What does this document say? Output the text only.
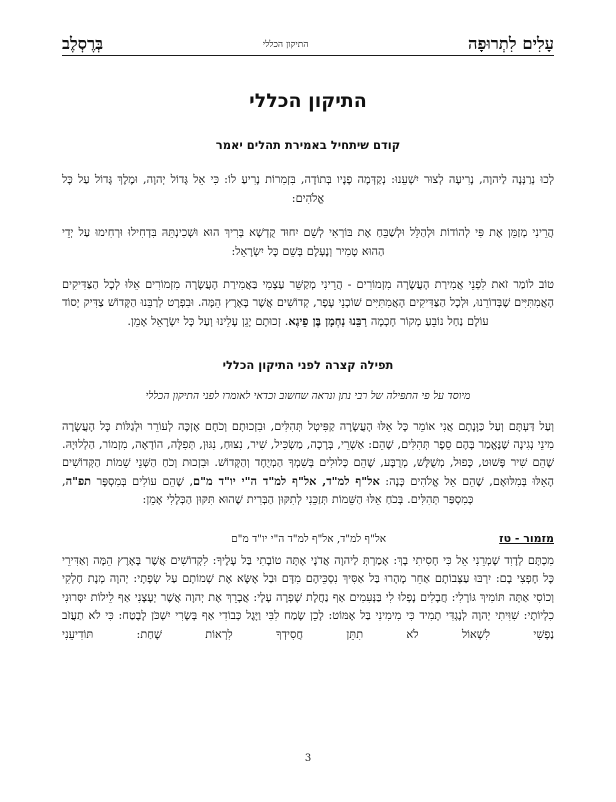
עָלִים לִתְרוּפָה
התיקון הכללי
בְּרֶסְלֶב
התיקון הכללי
קודם שיתחיל באמירת תהלים יאמר

לְכוּ נְרַנְּנָה לַיהוָה, נָרִיעָה לְצוּר יִשְׁעֵנוּ: נְקַדְּמָה פָנָיו בְּתוֹדָה, בִּזְמִרוֹת נָרִיעַ לוֹ: כִּי אֵל גָּדוֹל יְהוָה, וּמֶלֶךְ גָּדוֹל עַל כָּל אֱלֹהִים:

הֲרֵינִי מְזַמֵּן אֶת פִּי לְהוֹדוֹת וּלְהַלֵּל וּלְשַׁבֵּחַ אֶת בּוֹרְאִי לְשֵׁם יִחוּד קֻדְשָׁא בְּרִיךְ הוּא וּשְׁכִינְתֵּהּ בִּדְחִילוּ וּרְחִימוּ עַל יְדֵי הַהוּא טָמִיר וְנֶעְלָם בְּשֵׁם כָּל יִשְׂרָאֵל:

טוֹב לוֹמַר זֹאת לִפְנֵי אֲמִירַת הָעֲשָׂרָה מִזְמוֹרִים - הֲרֵינִי מְקַשֵּׁר עַצְמִי בַּאֲמִירַת הָעֲשָׂרָה מִזְמוֹרִים אֵלּוּ לְכָל הַצַּדִּיקִים הָאֲמִתִּיִּים שֶׁבְּדוֹרֵנוּ, וּלְכָל הַצַּדִּיקִים הָאֲמִתִּיִּים שׁוֹכְנֵי עָפָר, קְדוֹשִׁים אֲשֶׁר בָּאָרֶץ הֵמָּה. וּבִפְרָט לְרַבֵּנוּ הַקָּדוֹשׁ צַדִּיק יְסוֹד עוֹלָם נַחַל נוֹבֵעַ מְקוֹר חָכְמָה רַבֵּנוּ נַחְמָן בֶּן פֵיגֶא. זְכוּתָם יָגֵן עָלֵינוּ וְעַל כָּל יִשְׂרָאֵל אָמֵן.

תפילה קצרה לפני התיקון הכללי
מיוסד על פי התפילה של רבי נתן ונראה שחשוב וכדאי לאומרו לפני התיקון הכללי

וְעַל דַּעְתָּם וְעַל כַּוָּנָתָם אֲנִי אוֹמֵר כָּל אֵלּוּ הָעֲשָׂרָה קַפִּיטְל תְּהִלִּים, וּבִזְכוּתָם וְכֹחָם אֶזְכֶּה לְעוֹרֵר וּלְגַלּוֹת כָּל הָעֲשָׂרָה מִינֵי נְגִינָה שֶׁנֶּאֱמַר בָּהֶם סֵפֶר תְּהִלִּים, שֶׁהֵם: אַשְׁרֵי, בְּרָכָה, מַשְׂכִּיל, שִׁיר, נִצּוּחַ, נִגּוּן, תְּפִלָּה, הוֹדָאָה, מִזְמוֹר, הַלְלוּיָהּ. שֶׁהֵם שִׁיר פָּשׁוּט, כָּפוּל, מְשֻׁלָּשׁ, מְרֻבָּע, שֶׁהֵם כְּלוּלִים בְּשִׁמְךָ הַמְיֻחָד וְהַקָּדוֹשׁ. וּבִזְכוּת וְכֹחַ הַשְּׁנֵי שֵׁמוֹת הַקְּדוֹשִׁים הָאֵלּוּ בְּמִלּוּאָם, שֶׁהֵם אֵל אֱלֹהִים כָּנָה: אל"ף למ"ד, אל"ף למ"ד ה"י יו"ד מ"ם, שֶׁהֵם עוֹלִים בְּמִסְפָּר תפ"ה, כְּמִסְפַּר תְּהִלִּים. בְּכֹחַ אֵלּוּ הַשֵּׁמוֹת תְּזַכֵּנִי לְתִקּוּן הַבְּרִית שֶׁהוּא תִּקּוּן הַכְּלָלִי אָמֵן:

מזמור - טז
אל"ף למ"ד, אל"ף למ"ד ה"י יו"ד מ"ם

מִכְתָּם לְדָוִד שָׁמְרֵנִי אֵל כִּי חָסִיתִי בָךְ: אָמַרְתְּ לַיהוָה אֲדֹנָי אָתָּה טוֹבָתִי בַּל עָלֶיךָ: לִקְדוֹשִׁים אֲשֶׁר בָּאָרֶץ הֵמָּה וְאַדִּירֵי כָּל חֶפְצִי בָם: יִרְבּוּ עַצְּבוֹתָם אַחֵר מָהָרוּ בַּל אַסִּיךְ נִסְכֵּיהֶם מִדָּם וּבַל אֶשָּׂא אֶת שְׁמוֹתָם עַל שְׂפָתָי: יְהוָה מְנָת חֶלְקִי וְכוֹסִי אַתָּה תּוֹמִיךְ גּוֹרָלִי: חֲבָלִים נָפְלוּ לִי בַּנְּעִמִים אַף נַחֲלָת שָׁפְרָה עָלָי: אֲבָרֵךְ אֶת יְהוָה אֲשֶׁר יְעָצָנִי אַף לֵילוֹת יִסְּרוּנִי כִלְיוֹתָי: שִׁוִּיתִי יְהוָה לְנֶגְדִּי תָמִיד כִּי מִימִינִי בַּל אֶמּוֹט: לָכֵן שָׂמַח לִבִּי וַיָּגֶל כְּבוֹדִי אַף בְּשָׂרִי יִשְׁכֹּן לָבֶטַח: כִּי לֹא תַעֲזֹב נַפְשִׁי לִשְׁאוֹל לֹא תִתֵּן חֲסִידְךָ לִרְאוֹת שָׁחַת: תּוֹדִיעֵנִי

3
